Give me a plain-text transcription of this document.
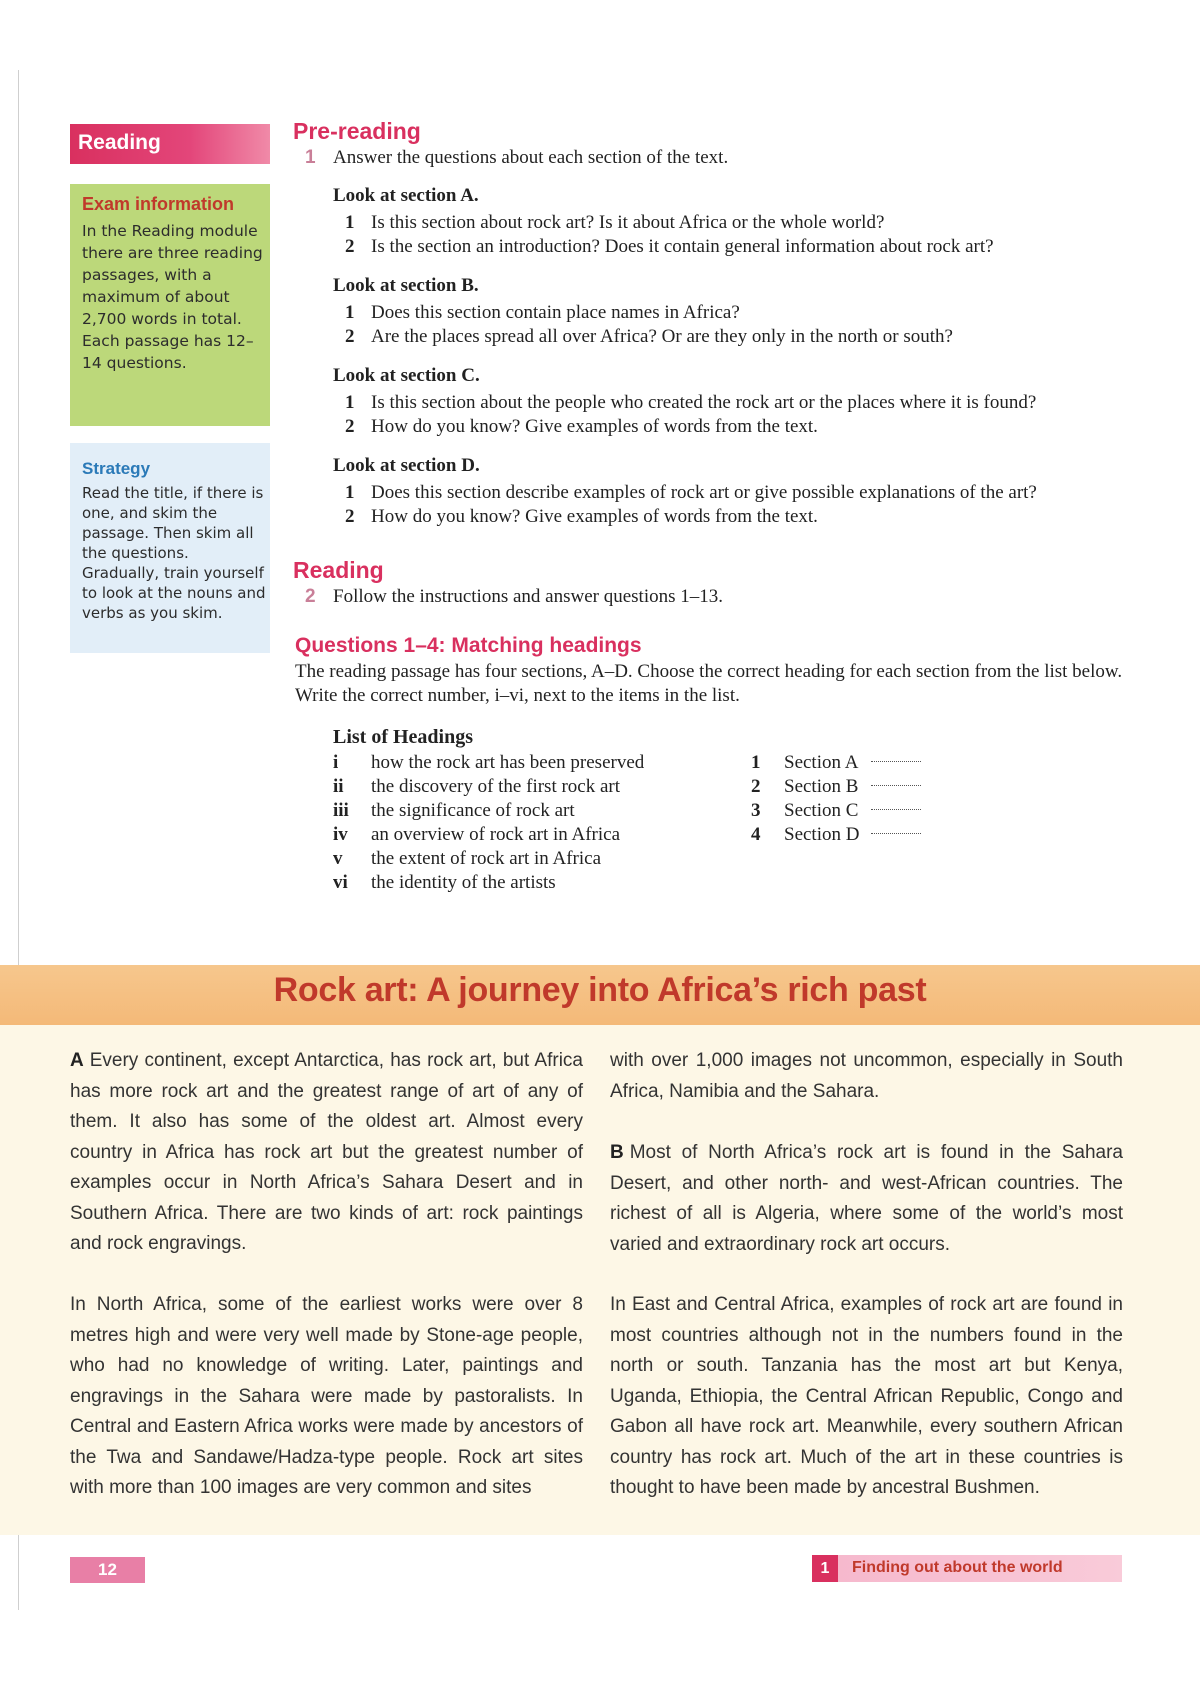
Reading
Exam information

In the Reading module there are three reading passages, with a maximum of about 2,700 words in total. Each passage has 12–14 questions.

Strategy

Read the title, if there is one, and skim the passage. Then skim all the questions. Gradually, train yourself to look at the nouns and verbs as you skim.

Pre-reading
1 Answer the questions about each section of the text.
Look at section A.
1 Is this section about rock art? Is it about Africa or the whole world?
2 Is the section an introduction? Does it contain general information about rock art?
Look at section B.
1 Does this section contain place names in Africa?
2 Are the places spread all over Africa? Or are they only in the north or south?
Look at section C.
1 Is this section about the people who created the rock art or the places where it is found?
2 How do you know? Give examples of words from the text.
Look at section D.
1 Does this section describe examples of rock art or give possible explanations of the art?
2 How do you know? Give examples of words from the text.
Reading
2 Follow the instructions and answer questions 1–13.
Questions 1–4: Matching headings
The reading passage has four sections, A–D. Choose the correct heading for each section from the list below. Write the correct number, i–vi, next to the items in the list.
List of Headings
i	how the rock art has been preserved
ii	the discovery of the first rock art
iii	the significance of rock art
iv	an overview of rock art in Africa
v	the extent of rock art in Africa
vi	the identity of the artists
1 Section A
2 Section B
3 Section C
4 Section D
Rock art: A journey into Africa’s rich past

A Every continent, except Antarctica, has rock art, but Africa has more rock art and the greatest range of art of any of them. It also has some of the oldest art. Almost every country in Africa has rock art but the greatest number of examples occur in North Africa’s Sahara Desert and in Southern Africa. There are two kinds of art: rock paintings and rock engravings.

In North Africa, some of the earliest works were over 8 metres high and were very well made by Stone-age people, who had no knowledge of writing. Later, paintings and engravings in the Sahara were made by pastoralists. In Central and Eastern Africa works were made by ancestors of the Twa and Sandawe/Hadza-type people. Rock art sites with more than 100 images are very common and sites

with over 1,000 images not uncommon, especially in South Africa, Namibia and the Sahara.

B Most of North Africa’s rock art is found in the Sahara Desert, and other north- and west-African countries. The richest of all is Algeria, where some of the world’s most varied and extraordinary rock art occurs.

In East and Central Africa, examples of rock art are found in most countries although not in the numbers found in the north or south. Tanzania has the most art but Kenya, Uganda, Ethiopia, the Central African Republic, Congo and Gabon all have rock art. Meanwhile, every southern African country has rock art. Much of the art in these countries is thought to have been made by ancestral Bushmen.

12	1	Finding out about the world
